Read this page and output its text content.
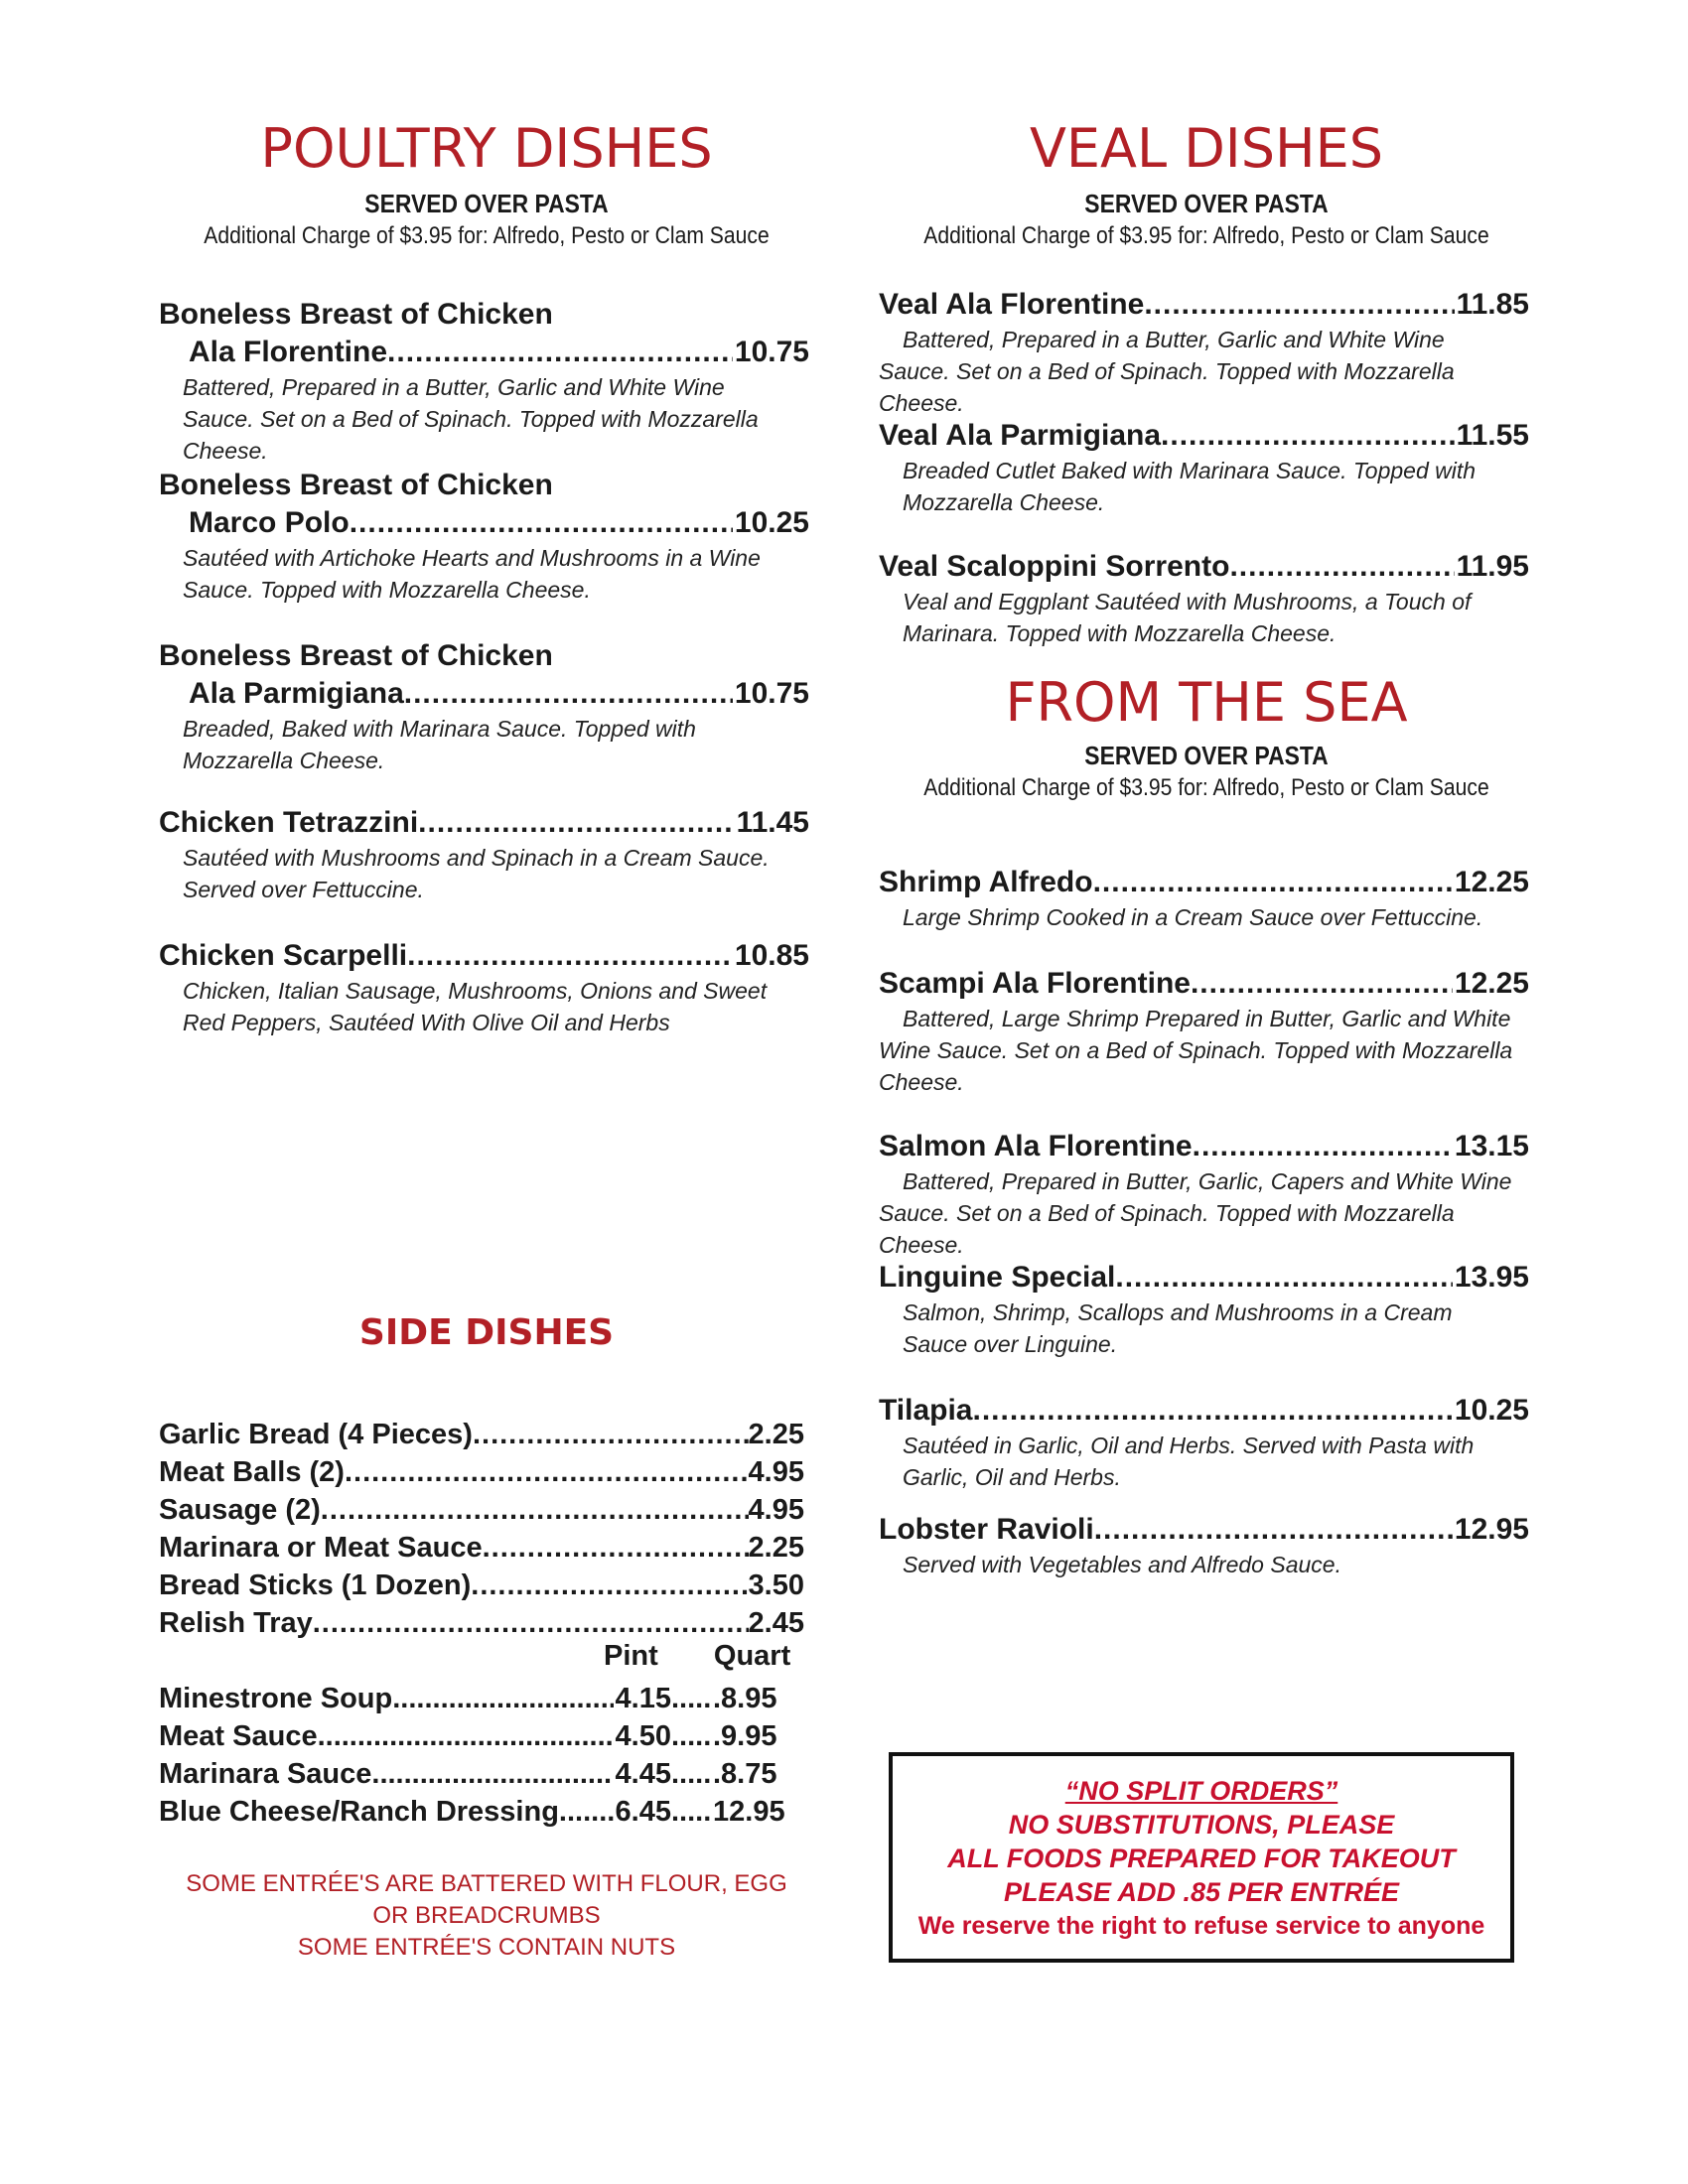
POULTRY DISHES
SERVED OVER PASTA
Additional Charge of $3.95 for: Alfredo, Pesto or Clam Sauce
Boneless Breast of Chicken
Ala Florentine .....	10.75
Battered, Prepared in a Butter, Garlic and White Wine Sauce. Set on a Bed of Spinach. Topped with Mozzarella Cheese.
Boneless Breast of Chicken
Marco Polo .....	10.25
Sautéed with Artichoke Hearts and Mushrooms in a Wine Sauce. Topped with Mozzarella Cheese.
Boneless Breast of Chicken
Ala Parmigiana .....	10.75
Breaded, Baked with Marinara Sauce. Topped with Mozzarella Cheese.
Chicken Tetrazzini .....	11.45
Sautéed with Mushrooms and Spinach in a Cream Sauce. Served over Fettuccine.
Chicken Scarpelli .....	10.85
Chicken, Italian Sausage, Mushrooms, Onions and Sweet Red Peppers, Sautéed With Olive Oil and Herbs
SIDE DISHES
Garlic Bread (4 Pieces) .....	2.25
Meat Balls (2) .....	4.95
Sausage (2) .....	4.95
Marinara or Meat Sauce .....	2.25
Bread Sticks (1 Dozen) .....	3.50
Relish Tray .....	2.45
Pint Quart
Minestrone Soup .....	4.15 ..... .8.95
Meat Sauce .....	4.50 ..... .9.95
Marinara Sauce .....	4.45 ..... .8.75
Blue Cheese/Ranch Dressing ..... 6.45 ..... 12.95
SOME ENTRÉE'S ARE BATTERED WITH FLOUR, EGG
OR BREADCRUMBS
SOME ENTRÉE'S CONTAIN NUTS
VEAL DISHES
SERVED OVER PASTA
Additional Charge of $3.95 for: Alfredo, Pesto or Clam Sauce
Veal Ala Florentine .....	11.85
Battered, Prepared in a Butter, Garlic and White Wine Sauce. Set on a Bed of Spinach. Topped with Mozzarella Cheese.
Veal Ala Parmigiana .....	11.55
Breaded Cutlet Baked with Marinara Sauce. Topped with Mozzarella Cheese.
Veal Scaloppini Sorrento .....	11.95
Veal and Eggplant Sautéed with Mushrooms, a Touch of Marinara. Topped with Mozzarella Cheese.
FROM THE SEA
SERVED OVER PASTA
Additional Charge of $3.95 for: Alfredo, Pesto or Clam Sauce
Shrimp Alfredo .....	12.25
Large Shrimp Cooked in a Cream Sauce over Fettuccine.
Scampi Ala Florentine .....	12.25
Battered, Large Shrimp Prepared in Butter, Garlic and White Wine Sauce. Set on a Bed of Spinach. Topped with Mozzarella Cheese.
Salmon Ala Florentine .....	13.15
Battered, Prepared in Butter, Garlic, Capers and White Wine Sauce. Set on a Bed of Spinach. Topped with Mozzarella Cheese.
Linguine Special .....	13.95
Salmon, Shrimp, Scallops and Mushrooms in a Cream Sauce over Linguine.
Tilapia .....	10.25
Sautéed in Garlic, Oil and Herbs. Served with Pasta with Garlic, Oil and Herbs.
Lobster Ravioli .....	12.95
Served with Vegetables and Alfredo Sauce.
“NO SPLIT ORDERS”
NO SUBSTITUTIONS, PLEASE
ALL FOODS PREPARED FOR TAKEOUT
PLEASE ADD .85 PER ENTRÉE
We reserve the right to refuse service to anyone
